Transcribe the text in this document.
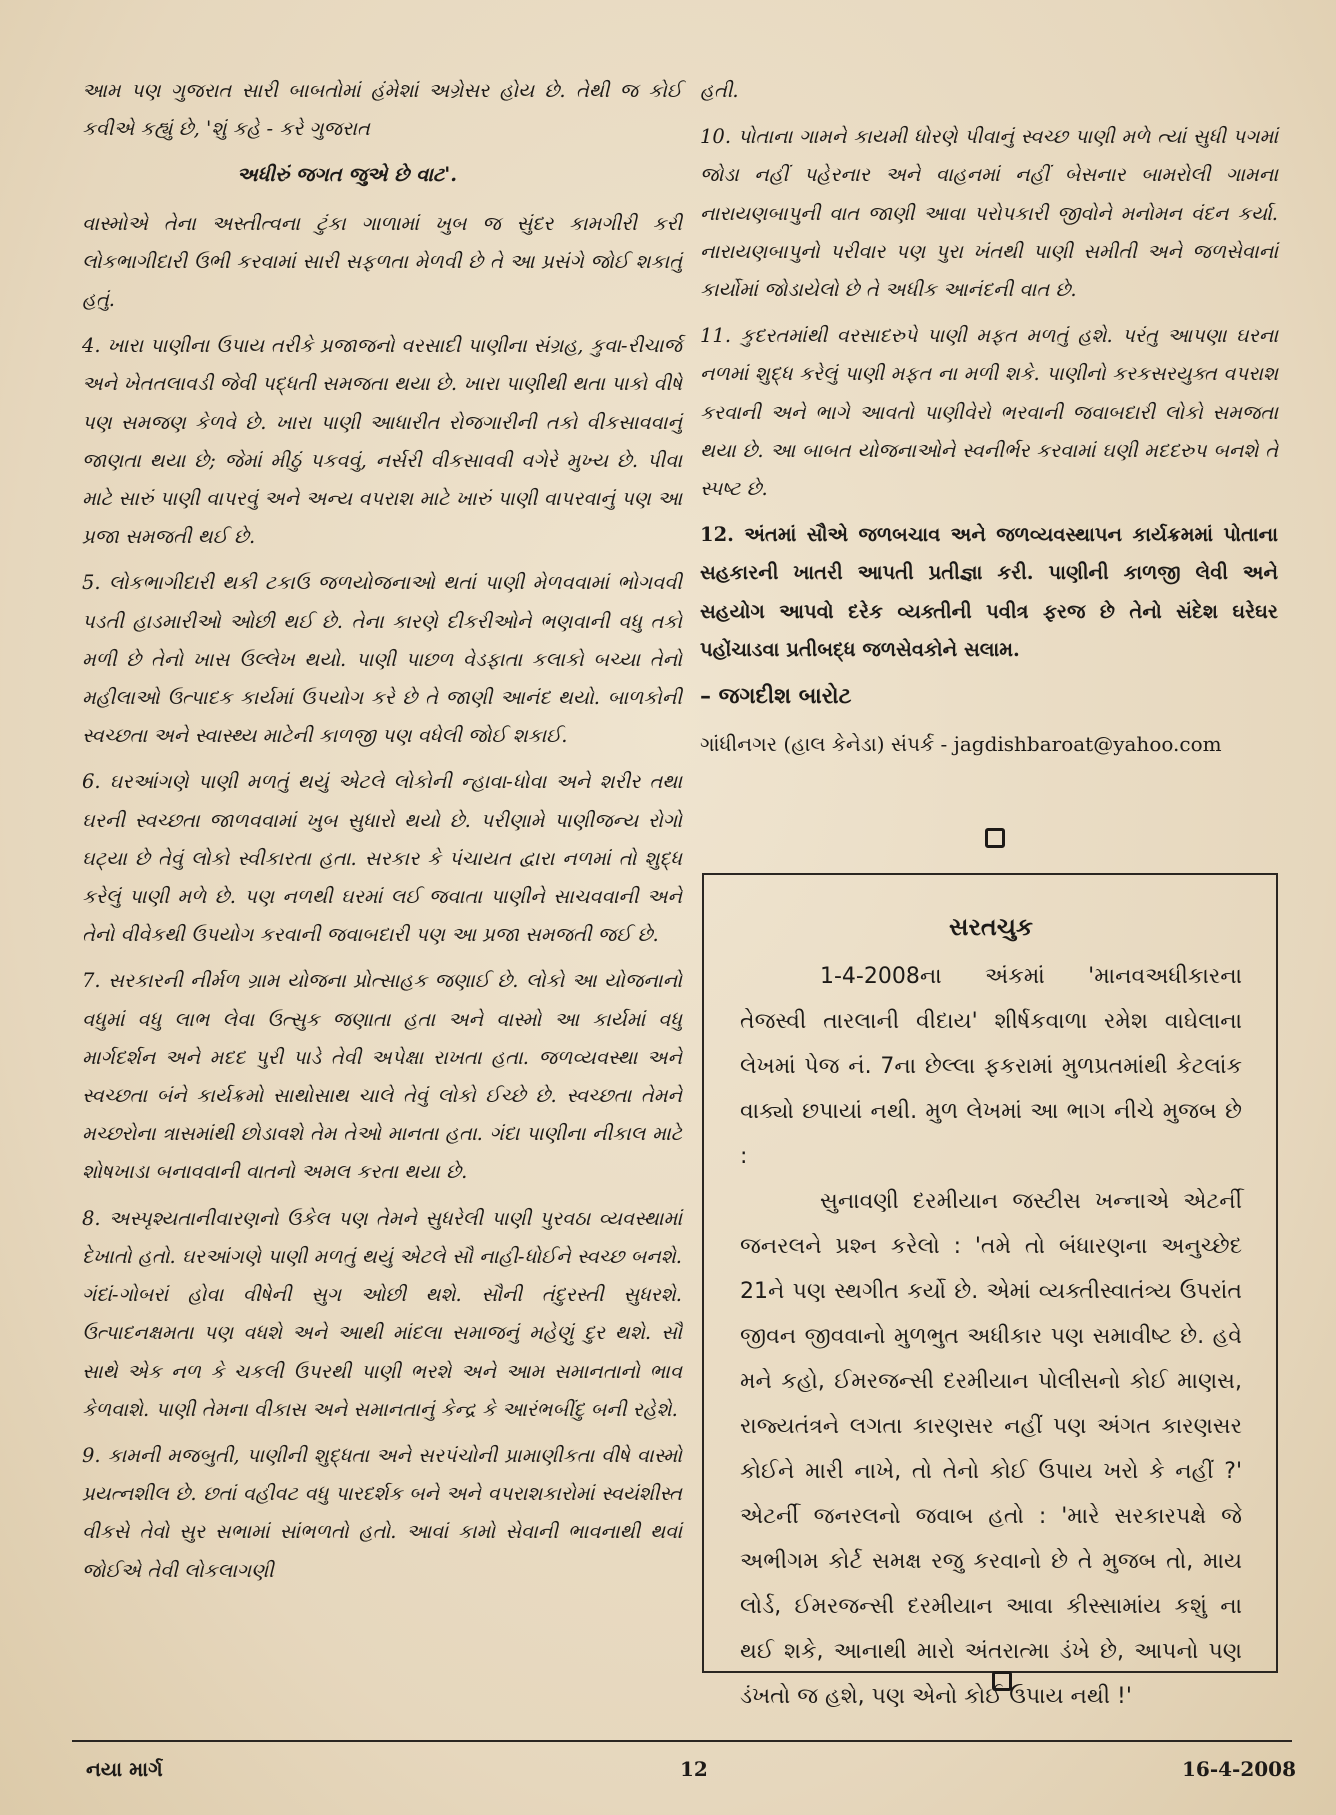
આમ પણ ગુજરાત સારી બાબતોમાં હંમેશાં અગ્રેસર હોય છે. તેથી જ કોઈ કવીએ કહ્યું છે, 'શું કહે - કરે ગુજરાત

અધીરું જગત જુએ છે વાટ'.

વાસ્મોએ તેના અસ્તીત્વના ટુંકા ગાળામાં ખુબ જ સુંદર કામગીરી કરી લોકભાગીદારી ઉભી કરવામાં સારી સફળતા મેળવી છે તે આ પ્રસંગે જોઈ શકાતું હતું.

4. ખારા પાણીના ઉપાય તરીકે પ્રજાજનો વરસાદી પાણીના સંગ્રહ, કુવા-રીચાર્જ અને ખેતતલાવડી જેવી પદ્ધતી સમજતા થયા છે. ખારા પાણીથી થતા પાકો વીષે પણ સમજણ કેળવે છે. ખારા પાણી આધારીત રોજગારીની તકો વીકસાવવાનું જાણતા થયા છે; જેમાં મીઠું પકવવું, નર્સરી વીકસાવવી વગેરે મુખ્ય છે. પીવા માટે સારું પાણી વાપરવું અને અન્ય વપરાશ માટે ખારું પાણી વાપરવાનું પણ આ પ્રજા સમજતી થઈ છે.

5. લોકભાગીદારી થકી ટકાઉ જળયોજનાઓ થતાં પાણી મેળવવામાં ભોગવવી પડતી હાડમારીઓ ઓછી થઈ છે. તેના કારણે દીકરીઓને ભણવાની વધુ તકો મળી છે તેનો ખાસ ઉલ્લેખ થયો. પાણી પાછળ વેડફાતા કલાકો બચ્યા તેનો મહીલાઓ ઉત્પાદક કાર્યમાં ઉપયોગ કરે છે તે જાણી આનંદ થયો. બાળકોની સ્વચ્છતા અને સ્વાસ્થ્ય માટેની કાળજી પણ વધેલી જોઈ શકાઈ.

6. ઘરઆંગણે પાણી મળતું થયું એટલે લોકોની ન્હાવા-ધોવા અને શરીર તથા ઘરની સ્વચ્છતા જાળવવામાં ખુબ સુધારો થયો છે. પરીણામે પાણીજન્ય રોગો ઘટ્યા છે તેવું લોકો સ્વીકારતા હતા. સરકાર કે પંચાયત દ્વારા નળમાં તો શુદ્ધ કરેલું પાણી મળે છે. પણ નળથી ઘરમાં લઈ જવાતા પાણીને સાચવવાની અને તેનો વીવેકથી ઉપયોગ કરવાની જવાબદારી પણ આ પ્રજા સમજતી જઈ છે.

7. સરકારની નીર્મળ ગ્રામ યોજના પ્રોત્સાહક જણાઈ છે. લોકો આ યોજનાનો વધુમાં વધુ લાભ લેવા ઉત્સુક જણાતા હતા અને વાસ્મો આ કાર્યમાં વધુ માર્ગદર્શન અને મદદ પુરી પાડે તેવી અપેક્ષા રાખતા હતા. જળવ્યવસ્થા અને સ્વચ્છતા બંને કાર્યક્રમો સાથોસાથ ચાલે તેવું લોકો ઈચ્છે છે. સ્વચ્છતા તેમને મચ્છરોના ત્રાસમાંથી છોડાવશે તેમ તેઓ માનતા હતા. ગંદા પાણીના નીકાલ માટે શોષખાડા બનાવવાની વાતનો અમલ કરતા થયા છે.

8. અસ્પૃશ્યતાનીવારણનો ઉકેલ પણ તેમને સુધરેલી પાણી પુરવઠા વ્યવસ્થામાં દેખાતો હતો. ઘરઆંગણે પાણી મળતું થયું એટલે સૌ નાહી-ધોઈને સ્વચ્છ બનશે. ગંદાં-ગોબરાં હોવા વીષેની સુગ ઓછી થશે. સૌની તંદુરસ્તી સુધરશે. ઉત્પાદનક્ષમતા પણ વધશે અને આથી માંદલા સમાજનું મહેણું દુર થશે. સૌ સાથે એક નળ કે ચકલી ઉપરથી પાણી ભરશે અને આમ સમાનતાનો ભાવ કેળવાશે. પાણી તેમના વીકાસ અને સમાનતાનું કેન્દ્ર કે આરંભબીંદુ બની રહેશે.

9. કામની મજબુતી, પાણીની શુદ્ધતા અને સરપંચોની પ્રામાણીકતા વીષે વાસ્મો પ્રયત્નશીલ છે. છતાં વહીવટ વધુ પારદર્શક બને અને વપરાશકારોમાં સ્વયંશીસ્ત વીકસે તેવો સુર સભામાં સાંભળતો હતો. આવાં કામો સેવાની ભાવનાથી થવાં જોઈએ તેવી લોકલાગણી

હતી.

10. પોતાના ગામને કાયમી ધોરણે પીવાનું સ્વચ્છ પાણી મળે ત્યાં સુધી પગમાં જોડા નહીં પહેરનાર અને વાહનમાં નહીં બેસનાર બામરોલી ગામના નારાયણબાપુની વાત જાણી આવા પરોપકારી જીવોને મનોમન વંદન કર્યા. નારાયણબાપુનો પરીવાર પણ પુરા ખંતથી પાણી સમીતી અને જળસેવાનાં કાર્યોમાં જોડાયેલો છે તે અધીક આનંદની વાત છે.

11. કુદરતમાંથી વરસાદરુપે પાણી મફત મળતું હશે. પરંતુ આપણા ઘરના નળમાં શુદ્ધ કરેલું પાણી મફત ના મળી શકે. પાણીનો કરકસરયુક્ત વપરાશ કરવાની અને ભાગે આવતો પાણીવેરો ભરવાની જવાબદારી લોકો સમજતા થયા છે. આ બાબત યોજનાઓને સ્વનીર્ભર કરવામાં ઘણી મદદરુપ બનશે તે સ્પષ્ટ છે.

12. અંતમાં સૌએ જળબચાવ અને જળવ્યવસ્થાપન કાર્યક્રમમાં પોતાના સહકારની ખાતરી આપતી પ્રતીજ્ઞા કરી. પાણીની કાળજી લેવી અને સહયોગ આપવો દરેક વ્યક્તીની પવીત્ર ફરજ છે તેનો સંદેશ ઘરેઘર પહોંચાડવા પ્રતીબદ્ધ જળસેવકોને સલામ.

– જગદીશ બારોટ

ગાંધીનગર (હાલ કેનેડા) સંપર્ક - jagdishbaroat@yahoo.com

સરતચુક

1-4-2008ના અંકમાં 'માનવઅધીકારના તેજસ્વી તારલાની વીદાય' શીર્ષકવાળા રમેશ વાઘેલાના લેખમાં પેજ નં. 7ના છેલ્લા ફકરામાં મુળપ્રતમાંથી કેટલાંક વાક્યો છપાયાં નથી. મુળ લેખમાં આ ભાગ નીચે મુજબ છે :

સુનાવણી દરમીયાન જસ્ટીસ ખન્નાએ એટર્ની જનરલને પ્રશ્ન કરેલો : 'તમે તો બંધારણના અનુચ્છેદ 21ને પણ સ્થગીત કર્યો છે. એમાં વ્યક્તીસ્વાતંત્ર્ય ઉપરાંત જીવન જીવવાનો મુળભુત અધીકાર પણ સમાવીષ્ટ છે. હવે મને કહો, ઈમરજન્સી દરમીયાન પોલીસનો કોઈ માણસ, રાજ્યતંત્રને લગતા કારણસર નહીં પણ અંગત કારણસર કોઈને મારી નાખે, તો તેનો કોઈ ઉપાય ખરો કે નહીં ?' એટર્ની જનરલનો જવાબ હતો : 'મારે સરકારપક્ષે જે અભીગમ કોર્ટ સમક્ષ રજુ કરવાનો છે તે મુજબ તો, માય લોર્ડ, ઈમરજન્સી દરમીયાન આવા કીસ્સામાંય કશું ના થઈ શકે, આનાથી મારો અંતરાત્મા ડંખે છે, આપનો પણ ડંખતો જ હશે, પણ એનો કોઈ ઉપાય નથી !'

નયા માર્ગ	12	16-4-2008
